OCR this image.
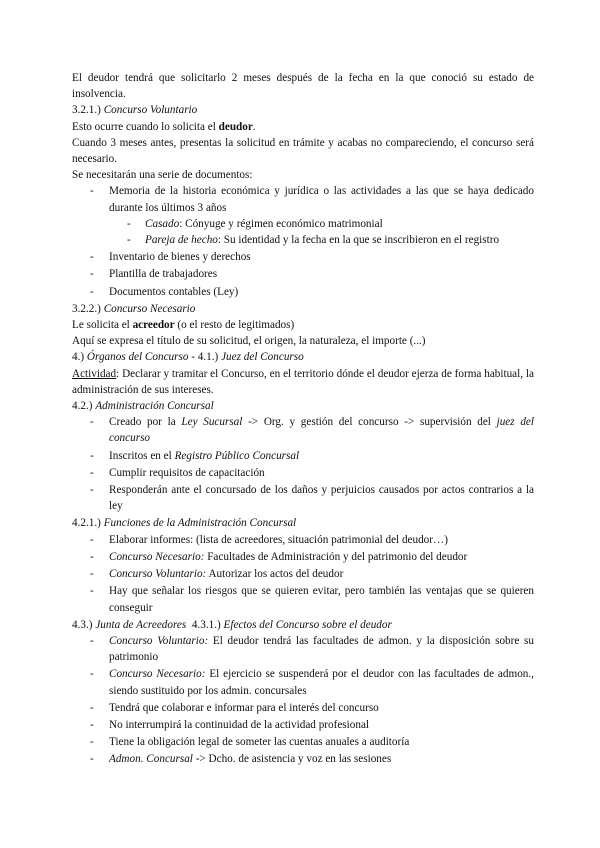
El deudor tendrá que solicitarlo 2 meses después de la fecha en la que conoció su estado de insolvencia.

3.2.1.) Concurso Voluntario

Esto ocurre cuando lo solicita el deudor.

Cuando 3 meses antes, presentas la solicitud en trámite y acabas no compareciendo, el concurso será necesario.

Se necesitarán una serie de documentos:

- Memoria de la historia económica y jurídica o las actividades a las que se haya dedicado durante los últimos 3 años
- Casado: Cónyuge y régimen económico matrimonial
- Pareja de hecho: Su identidad y la fecha en la que se inscribieron en el registro
- Inventario de bienes y derechos
- Plantilla de trabajadores
- Documentos contables (Ley)

3.2.2.) Concurso Necesario

Le solicita el acreedor (o el resto de legitimados)

Aquí se expresa el título de su solicitud, el origen, la naturaleza, el importe (...)

4.) Órganos del Concurso - 4.1.) Juez del Concurso

Actividad: Declarar y tramitar el Concurso, en el territorio dónde el deudor ejerza de forma habitual, la administración de sus intereses.

4.2.) Administración Concursal

- Creado por la Ley Sucursal -> Org. y gestión del concurso -> supervisión del juez del concurso
- Inscritos en el Registro Público Concursal
- Cumplir requisitos de capacitación
- Responderán ante el concursado de los daños y perjuicios causados por actos contrarios a la ley

4.2.1.) Funciones de la Administración Concursal

- Elaborar informes: (lista de acreedores, situación patrimonial del deudor…)
- Concurso Necesario: Facultades de Administración y del patrimonio del deudor
- Concurso Voluntario: Autorizar los actos del deudor
- Hay que señalar los riesgos que se quieren evitar, pero también las ventajas que se quieren conseguir

4.3.) Junta de Acreedores  4.3.1.) Efectos del Concurso sobre el deudor

- Concurso Voluntario: El deudor tendrá las facultades de admon. y la disposición sobre su patrimonio
- Concurso Necesario: El ejercicio se suspenderá por el deudor con las facultades de admon., siendo sustituido por los admin. concursales
- Tendrá que colaborar e informar para el interés del concurso
- No interrumpirá la continuidad de la actividad profesional
- Tiene la obligación legal de someter las cuentas anuales a auditoría
- Admon. Concursal -> Dcho. de asistencia y voz en las sesiones
